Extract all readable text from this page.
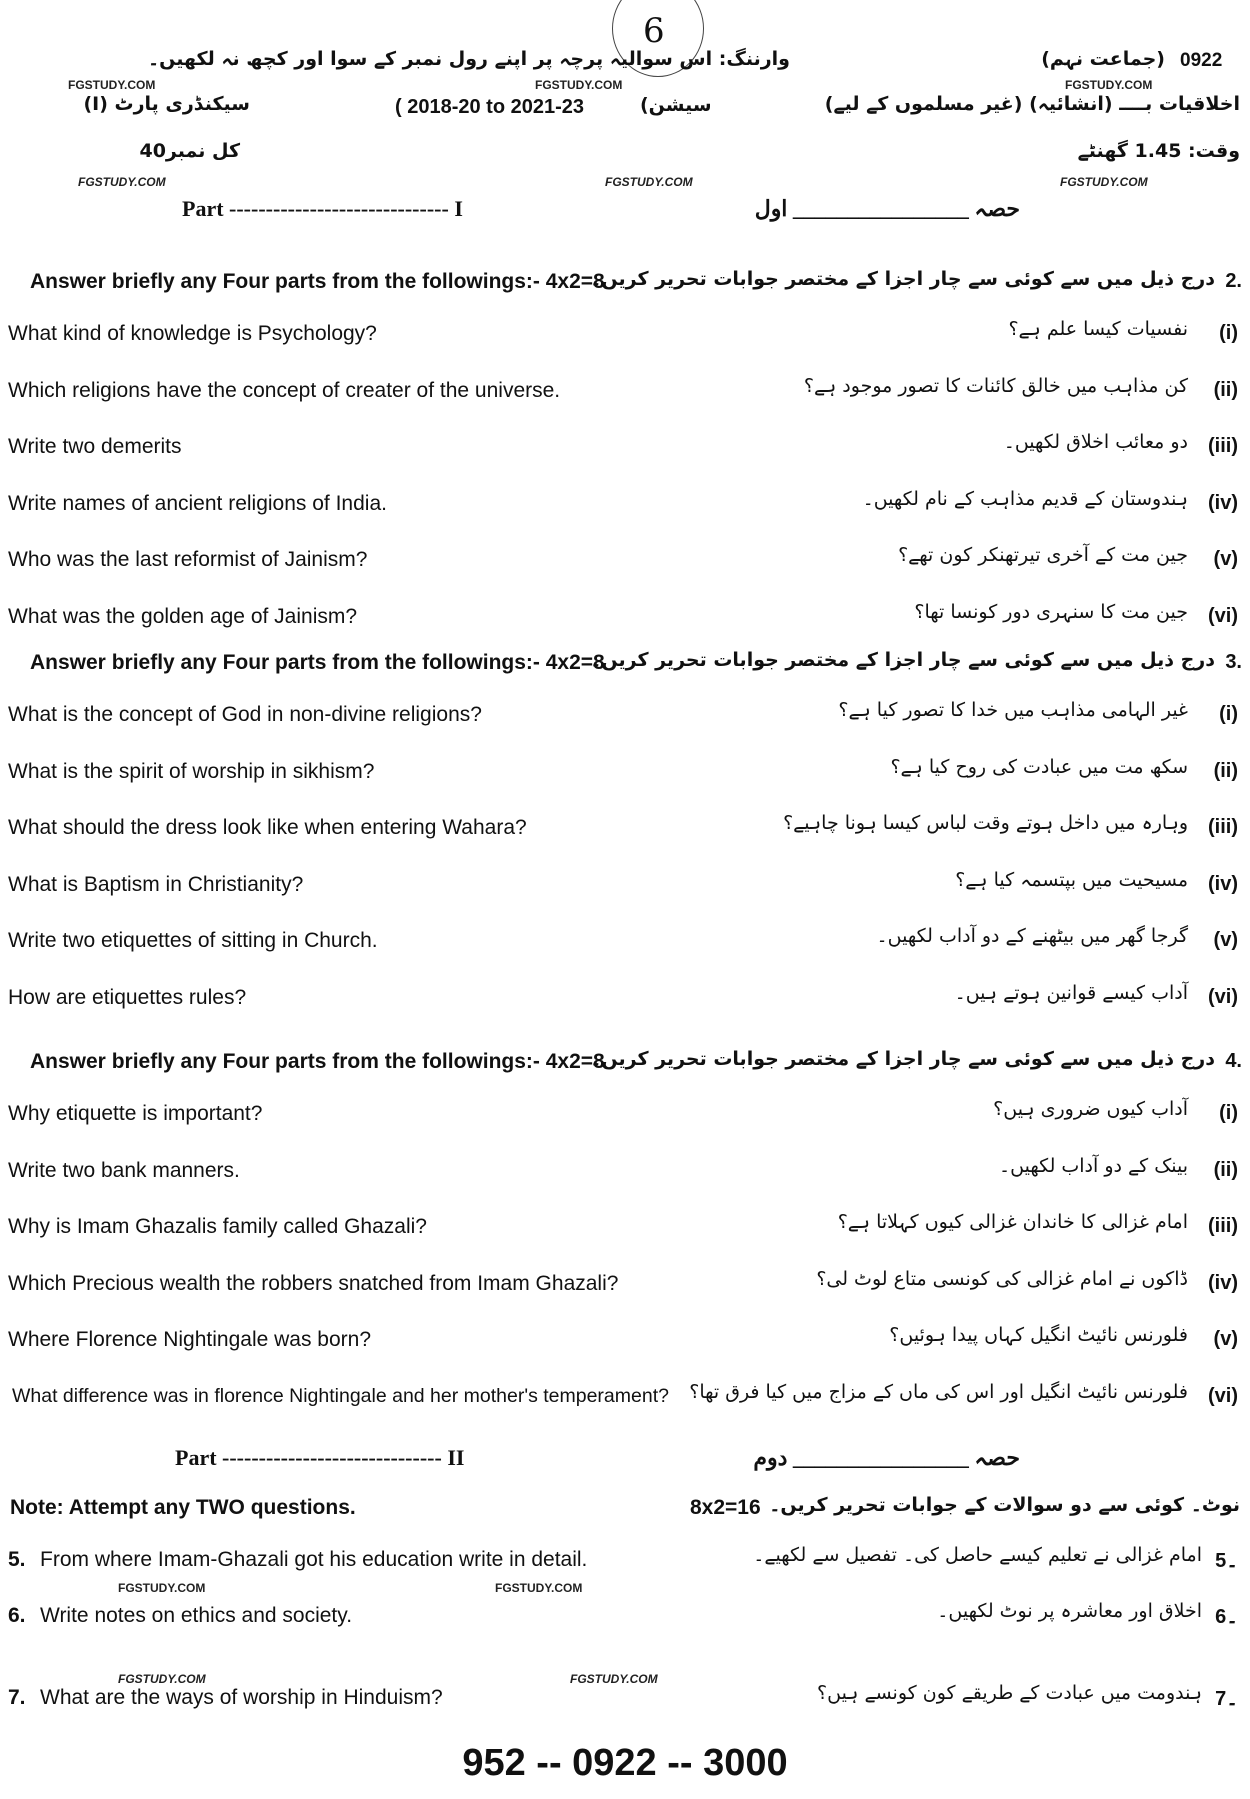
6
0922
(جماعت نہم)
وارننگ: اس سوالیہ پرچہ پر اپنے رول نمبر کے سوا اور کچھ نہ لکھیں۔
FGSTUDY.COM	FGSTUDY.COM	FGSTUDY.COM
اخلاقیات بــــ (انشائیہ) (غیر مسلموں کے لیے)
( 2018-20 to 2021-23	سیشن)
سیکنڈری پارٹ (I)
وقت: 1.45 گھنٹے
کل نمبر40
FGSTUDY.COM	FGSTUDY.COM	FGSTUDY.COM
Part ------------------------------ I	حصہ ________________ اول
Answer briefly any Four parts from the followings:- 4x2=8
درج ذیل میں سے کوئی سے چار اجزا کے مختصر جوابات تحریر کریں۔ 2.
What kind of knowledge is Psychology?	نفسیات کیسا علم ہے؟ (i)
Which religions have the concept of creater of the universe.	کن مذاہب میں خالق کائنات کا تصور موجود ہے؟ (ii)
Write two demerits	دو معائب اخلاق لکھیں۔ (iii)
Write names of ancient religions of India.	ہندوستان کے قدیم مذاہب کے نام لکھیں۔ (iv)
Who was the last reformist of Jainism?	جین مت کے آخری تیرتھنکر کون تھے؟ (v)
What was the golden age of Jainism?	جین مت کا سنہری دور کونسا تھا؟ (vi)
Answer briefly any Four parts from the followings:- 4x2=8
درج ذیل میں سے کوئی سے چار اجزا کے مختصر جوابات تحریر کریں۔ 3.
What is the concept of God in non-divine religions?	غیر الہامی مذاہب میں خدا کا تصور کیا ہے؟ (i)
What is the spirit of worship in sikhism?	سکھ مت میں عبادت کی روح کیا ہے؟ (ii)
What should the dress look like when entering Wahara?	وہارہ میں داخل ہوتے وقت لباس کیسا ہونا چاہیے؟ (iii)
What is Baptism in Christianity?	مسیحیت میں بپتسمہ کیا ہے؟ (iv)
Write two etiquettes of sitting in Church.	گرجا گھر میں بیٹھنے کے دو آداب لکھیں۔ (v)
How are etiquettes rules?	آداب کیسے قوانین ہوتے ہیں۔ (vi)
Answer briefly any Four parts from the followings:- 4x2=8
درج ذیل میں سے کوئی سے چار اجزا کے مختصر جوابات تحریر کریں۔ 4.
Why etiquette is important?	آداب کیوں ضروری ہیں؟ (i)
Write two bank manners.	بینک کے دو آداب لکھیں۔ (ii)
Why is Imam Ghazalis family called Ghazali?	امام غزالی کا خاندان غزالی کیوں کہلاتا ہے؟ (iii)
Which Precious wealth the robbers snatched from Imam Ghazali?	ڈاکوں نے امام غزالی کی کونسی متاع لوٹ لی؟ (iv)
Where Florence Nightingale was born?	فلورنس نائیٹ انگیل کہاں پیدا ہوئیں؟ (v)
What difference was in florence Nightingale and her mother's temperament? فلورنس نائیٹ انگیل اور اس کی ماں کے مزاج میں کیا فرق تھا؟ (vi)
Part ------------------------------ II	حصہ ________________ دوم
Note: Attempt any TWO questions.	8x2=16 نوٹ۔ کوئی سے دو سوالات کے جوابات تحریر کریں۔
5. From where Imam-Ghazali got his education write in detail.	امام غزالی نے تعلیم کیسے حاصل کی۔ تفصیل سے لکھیے۔ 5۔
6. Write notes on ethics and society.	اخلاق اور معاشرہ پر نوٹ لکھیں۔ 6۔
7. What are the ways of worship in Hinduism?	ہندومت میں عبادت کے طریقے کون کونسے ہیں؟ 7۔
FGSTUDY.COM	FGSTUDY.COM
FGSTUDY.COM	FGSTUDY.COM
952 -- 0922 -- 3000
